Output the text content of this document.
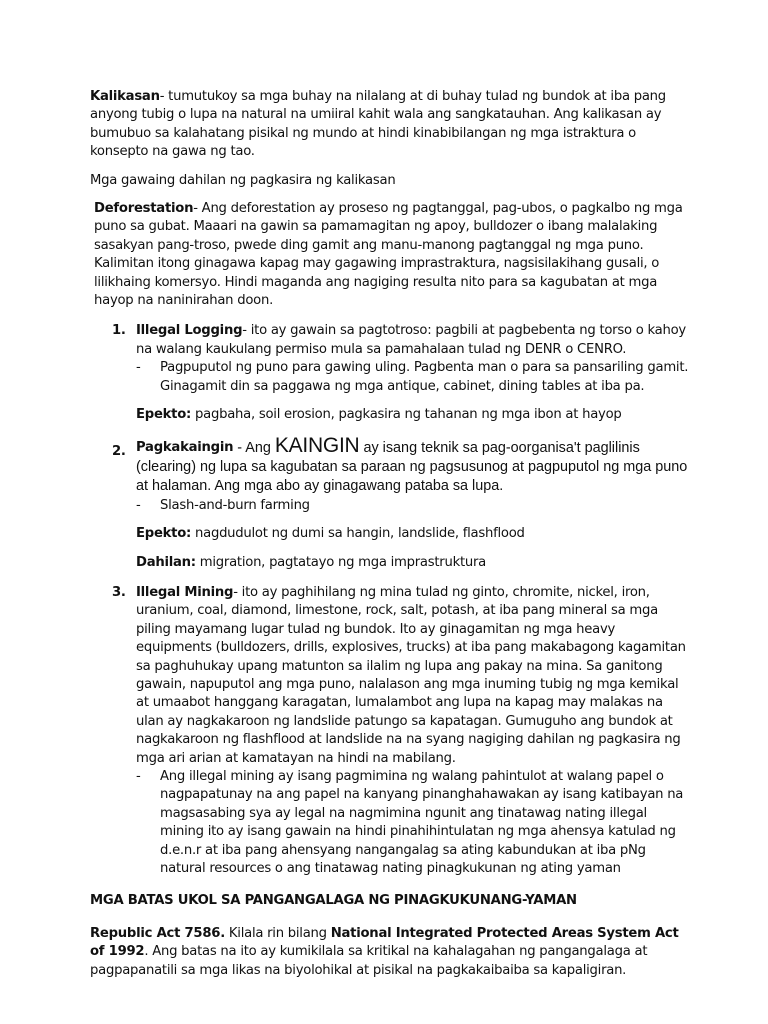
Kalikasan- tumutukoy sa mga buhay na nilalang at di buhay tulad ng bundok at iba pang anyong tubig o lupa na natural na umiiral kahit wala ang sangkatauhan. Ang kalikasan ay bumubuo sa kalahatang pisikal ng mundo at hindi kinabibilangan ng mga istraktura o konsepto na gawa ng tao.

Mga gawaing dahilan ng pagkasira ng kalikasan

Deforestation- Ang deforestation ay proseso ng pagtanggal, pag-ubos, o pagkalbo ng mga puno sa gubat. Maaari na gawin sa pamamagitan ng apoy, bulldozer o ibang malalaking sasakyan pang-troso, pwede ding gamit ang manu-manong pagtanggal ng mga puno. Kalimitan itong ginagawa kapag may gagawing imprastraktura, nagsisilakihang gusali, o lilikhaing komersyo. Hindi maganda ang nagiging resulta nito para sa kagubatan at mga hayop na naninirahan doon.

1. Illegal Logging- ito ay gawain sa pagtotroso: pagbili at pagbebenta ng torso o kahoy na walang kaukulang permiso mula sa pamahalaan tulad ng DENR o CENRO.

- Pagpuputol ng puno para gawing uling. Pagbenta man o para sa pansariling gamit. Ginagamit din sa paggawa ng mga antique, cabinet, dining tables at iba pa.

Epekto: pagbaha, soil erosion, pagkasira ng tahanan ng mga ibon at hayop

2. Pagkakaingin - Ang KAINGIN ay isang teknik sa pag-oorganisa't paglilinis (clearing) ng lupa sa kagubatan sa paraan ng pagsusunog at pagpuputol ng mga puno at halaman. Ang mga abo ay ginagawang pataba sa lupa.

- Slash-and-burn farming

Epekto: nagdudulot ng dumi sa hangin, landslide, flashflood

Dahilan: migration, pagtatayo ng mga imprastruktura

3. Illegal Mining- ito ay paghihilang ng mina tulad ng ginto, chromite, nickel, iron, uranium, coal, diamond, limestone, rock, salt, potash, at iba pang mineral sa mga piling mayamang lugar tulad ng bundok. Ito ay ginagamitan ng mga heavy equipments (bulldozers, drills, explosives, trucks) at iba pang makabagong kagamitan sa paghuhukay upang matunton sa ilalim ng lupa ang pakay na mina. Sa ganitong gawain, napuputol ang mga puno, nalalason ang mga inuming tubig ng mga kemikal at umaabot hanggang karagatan, lumalambot ang lupa na kapag may malakas na ulan ay nagkakaroon ng landslide patungo sa kapatagan. Gumuguho ang bundok at nagkakaroon ng flashflood at landslide na na syang nagiging dahilan ng pagkasira ng mga ari arian at kamatayan na hindi na mabilang.

- Ang illegal mining ay isang pagmimina ng walang pahintulot at walang papel o nagpapatunay na ang papel na kanyang pinanghahawakan ay isang katibayan na magsasabing sya ay legal na nagmimina ngunit ang tinatawag nating illegal mining ito ay isang gawain na hindi pinahihintulatan ng mga ahensya katulad ng d.e.n.r at iba pang ahensyang nangangalag sa ating kabundukan at iba pNg natural resources o ang tinatawag nating pinagkukunan ng ating yaman

MGA BATAS UKOL SA PANGANGALAGA NG PINAGKUKUNANG-YAMAN

Republic Act 7586. Kilala rin bilang National Integrated Protected Areas System Act of 1992. Ang batas na ito ay kumikilala sa kritikal na kahalagahan ng pangangalaga at pagpapanatili sa mga likas na biyolohikal at pisikal na pagkakaibaiba sa kapaligiran.
